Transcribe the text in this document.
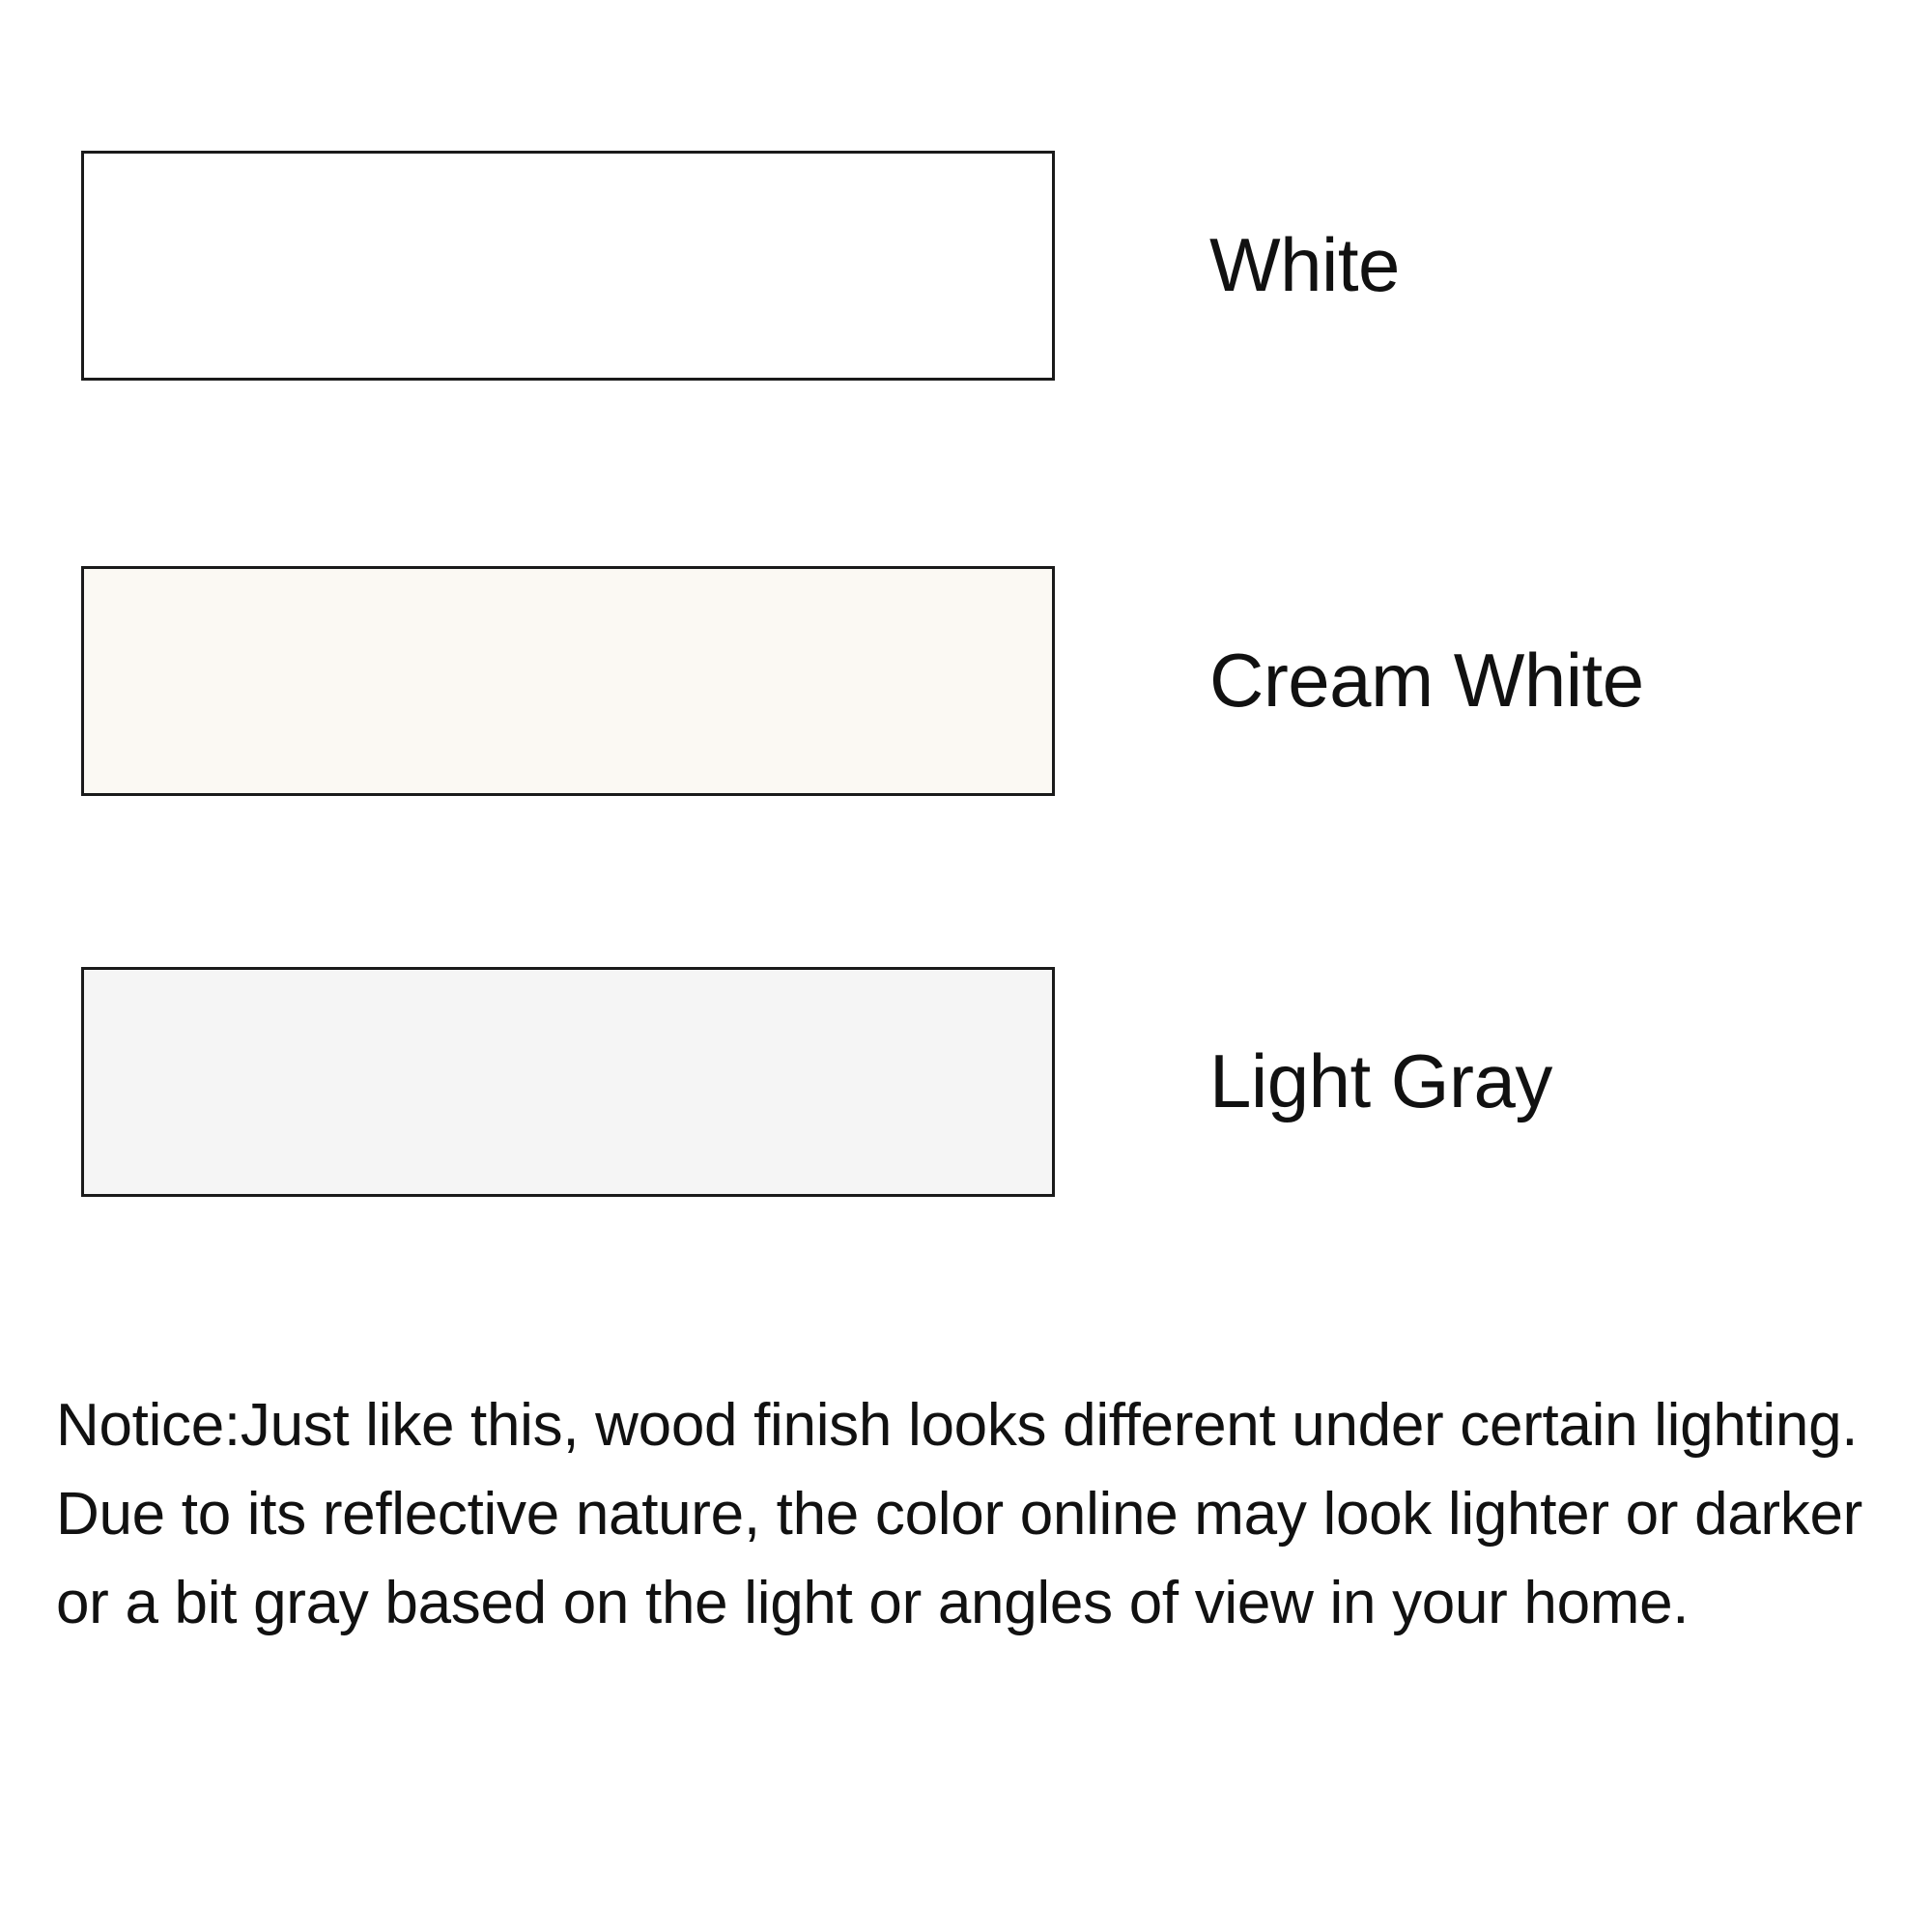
White
Cream White
Light Gray
Notice:Just like this, wood finish looks different under certain lighting. Due to its reflective nature, the color online may look lighter or darker or a bit gray based on the light or angles of view in your home.
